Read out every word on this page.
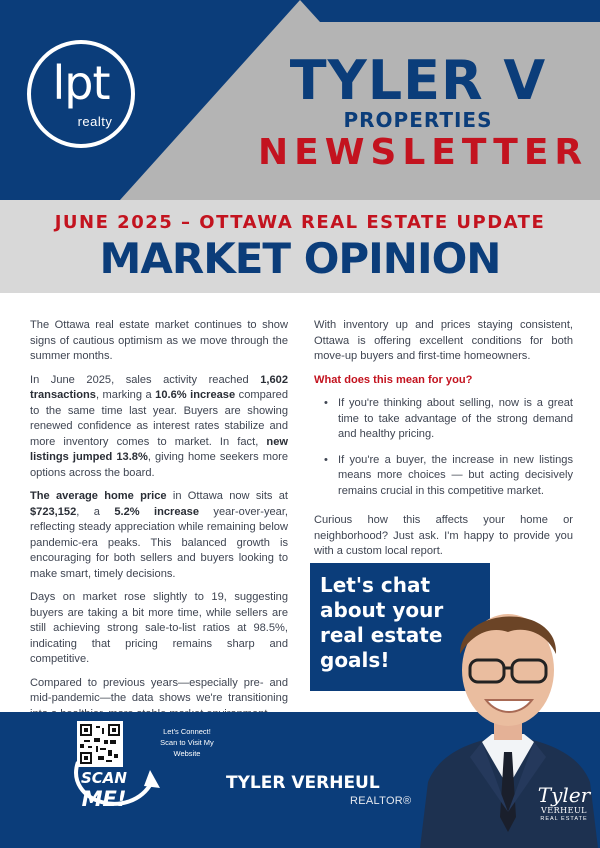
lpt
realty
TYLER V
PROPERTIES
NEWSLETTER
JUNE 2025 – OTTAWA REAL ESTATE UPDATE
MARKET OPINION

The Ottawa real estate market continues to show signs of cautious optimism as we move through the summer months.

In June 2025, sales activity reached 1,602 transactions, marking a 10.6% increase compared to the same time last year. Buyers are showing renewed confidence as interest rates stabilize and more inventory comes to market. In fact, new listings jumped 13.8%, giving home seekers more options across the board.

The average home price in Ottawa now sits at $723,152, a 5.2% increase year-over-year, reflecting steady appreciation while remaining below pandemic-era peaks. This balanced growth is encouraging for both sellers and buyers looking to make smart, timely decisions.

Days on market rose slightly to 19, suggesting buyers are taking a bit more time, while sellers are still achieving strong sale-to-list ratios at 98.5%, indicating that pricing remains sharp and competitive.

Compared to previous years—especially pre- and mid-pandemic—the data shows we're transitioning

With inventory up and prices staying consistent, Ottawa is offering excellent conditions for both move-up buyers and first-time homeowners.

What does this mean for you?
• If you're thinking about selling, now is a great time to take advantage of the strong demand and healthy pricing.
• If you're a buyer, the increase in new listings means more choices — but acting decisively remains crucial in this competitive market.

Curious how this affects your home or neighborhood? Just ask. I'm happy to provide you with a custom local report.

Let's chat
about your
real estate
goals!
Let's Connect!
Scan to Visit My Website
SCAN
ME!
TYLER VERHEUL
REALTOR®	Tyler
VERHEUL
REAL ESTATE
